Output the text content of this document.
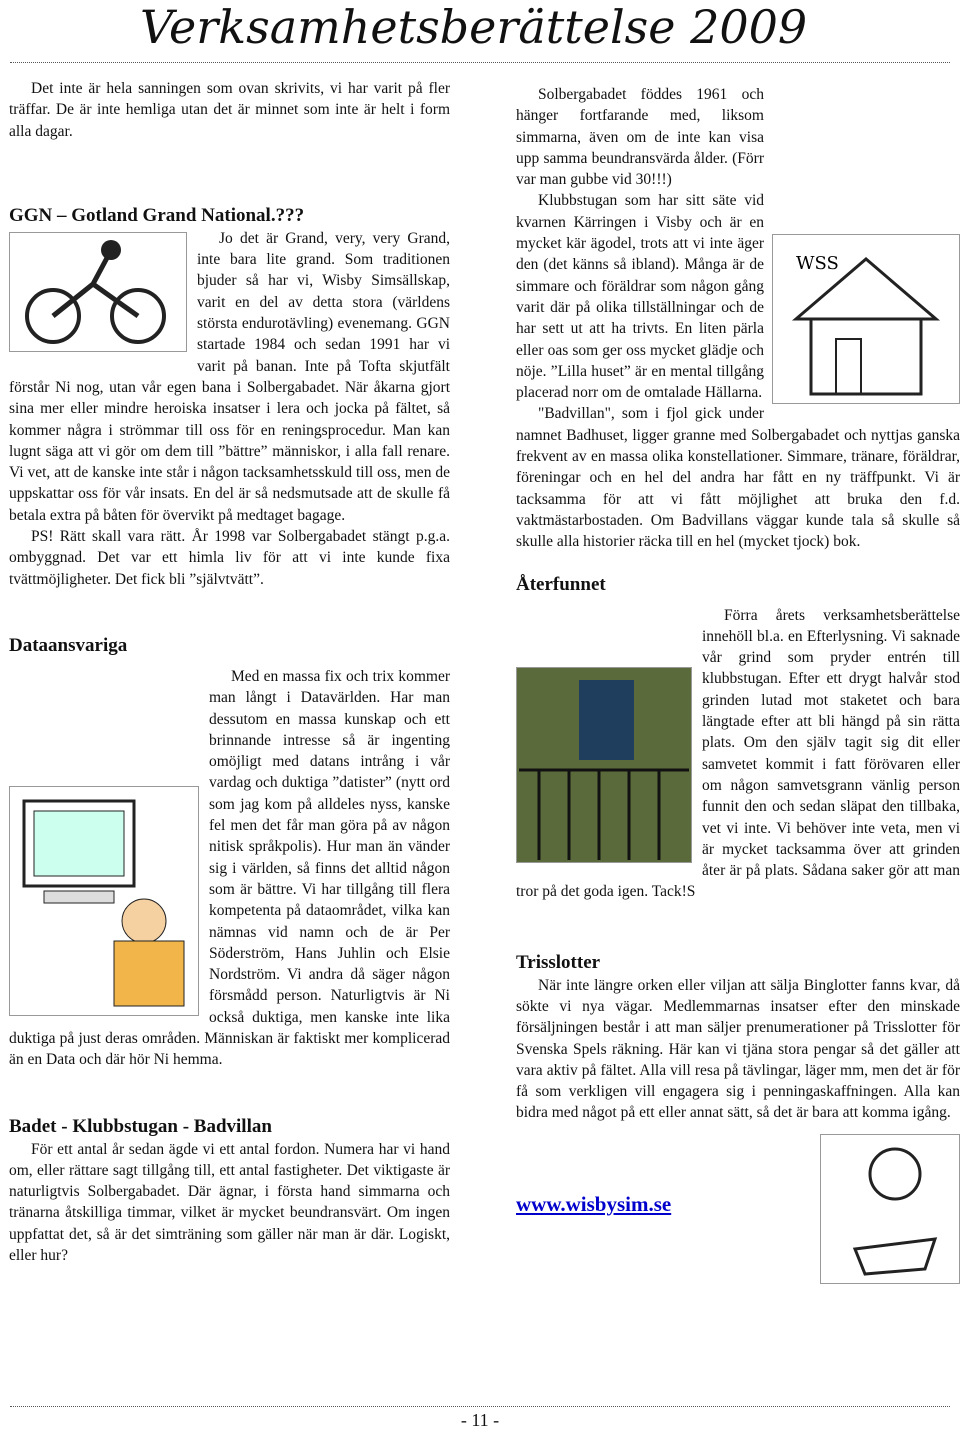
Verksamhetsberättelse 2009

Det inte är hela sanningen som ovan skrivits, vi har varit på fler träffar. De är inte hemliga utan det är minnet som inte är helt i form alla dagar.

GGN – Gotland Grand National.???

Jo det är Grand, very, very Grand, inte bara lite grand. Som traditionen bjuder så har vi, Wisby Simsällskap, varit en del av detta stora (världens största endurotävling) evenemang. GGN startade 1984 och sedan 1991 har vi varit på banan. Inte på Tofta skjutfält förstår Ni nog, utan vår egen bana i Solbergabadet. När åkarna gjort sina mer eller mindre heroiska insatser i lera och jocka på fältet, så kommer några i strömmar till oss för en reningsprocedur. Man kan lugnt säga att vi gör om dem till ”bättre” människor, i alla fall renare. Vi vet, att de kanske inte står i någon tacksamhetsskuld till oss, men de uppskattar oss för vår insats. En del är så nedsmutsade att de skulle få betala extra på båten för övervikt på medtaget bagage.

PS! Rätt skall vara rätt. År 1998 var Solbergabadet stängt p.g.a. ombyggnad. Det var ett himla liv för att vi inte kunde fixa tvättmöjligheter. Det fick bli ”självtvätt”.

Dataansvariga

Med en massa fix och trix kommer man långt i Datavärlden. Har man dessutom en massa kunskap och ett brinnande intresse så är ingenting omöjligt med datans intrång i vår vardag och duktiga ”datister” (nytt ord som jag kom på alldeles nyss, kanske fel men det får man göra på av någon nitisk språkpolis). Hur man än vänder sig i världen, så finns det alltid någon som är bättre. Vi har tillgång till flera kompetenta på dataområdet, vilka kan nämnas vid namn och de är Per Söderström, Hans Juhlin och Elsie Nordström. Vi andra då säger någon försmådd person. Naturligtvis är Ni också duktiga, men kanske inte lika duktiga på just deras områden. Människan är faktiskt mer komplicerad än en Data och där hör Ni hemma.

Badet - Klubbstugan - Badvillan

För ett antal år sedan ägde vi ett antal fordon. Numera har vi hand om, eller rättare sagt tillgång till, ett antal fastigheter. Det viktigaste är naturligtvis Solbergabadet. Där ägnar, i första hand simmarna och tränarna åtskilliga timmar, vilket är mycket beundransvärt. Om ingen uppfattat det, så är det simträning som gäller när man är där. Logiskt, eller hur?

WSS

Solbergabadet föddes 1961 och hänger fortfarande med, liksom simmarna, även om de inte kan visa upp samma beundransvärda ålder. (Förr var man gubbe vid 30!!!)

Klubbstugan som har sitt säte vid kvarnen Kärringen i Visby och är en mycket kär ägodel, trots att vi inte äger den (det känns så ibland). Många är de simmare och föräldrar som någon gång varit där på olika tillställningar och de har sett ut att ha trivts. En liten pärla eller oas som ger oss mycket glädje och nöje. ”Lilla huset” är en mental tillgång placerad norr om de omtalade Hällarna.

"Badvillan", som i fjol gick under namnet Badhuset, ligger granne med Solbergabadet och nyttjas ganska frekvent av en massa olika konstellationer. Simmare, tränare, föräldrar, föreningar och en hel del andra har fått en ny träffpunkt. Vi är tacksamma för att vi fått möjlighet att bruka den f.d. vaktmästarbostaden. Om Badvillans väggar kunde tala så skulle så skulle alla historier räcka till en hel (mycket tjock) bok.

Återfunnet

Förra årets verksamhetsberättelse innehöll bl.a. en Efterlysning. Vi saknade vår grind som pryder entrén till klubbstugan. Efter ett drygt halvår stod grinden lutad mot staketet och bara längtade efter att bli hängd på sin rätta plats. Om den själv tagit sig dit eller samvetet kommit i fatt förövaren eller om någon samvetsgrann vänlig person funnit den och sedan släpat den tillbaka, vet vi inte. Vi behöver inte veta, men vi är mycket tacksamma över att grinden åter är på plats. Sådana saker gör att man tror på det goda igen. Tack!S

Trisslotter

När inte längre orken eller viljan att sälja Binglotter fanns kvar, då sökte vi nya vägar. Medlemmarnas insatser efter den minskade försäljningen består i att man säljer prenumerationer på Trisslotter för Svenska Spels räkning. Här kan vi tjäna stora pengar så det gäller att vara aktiv på fältet. Alla vill resa på tävlingar, läger mm, men det är för få som verkligen vill engagera sig i penningaskaffningen. Alla kan bidra med något på ett eller annat sätt, så det är bara att komma igång.

www.wisbysim.se
- 11 -
